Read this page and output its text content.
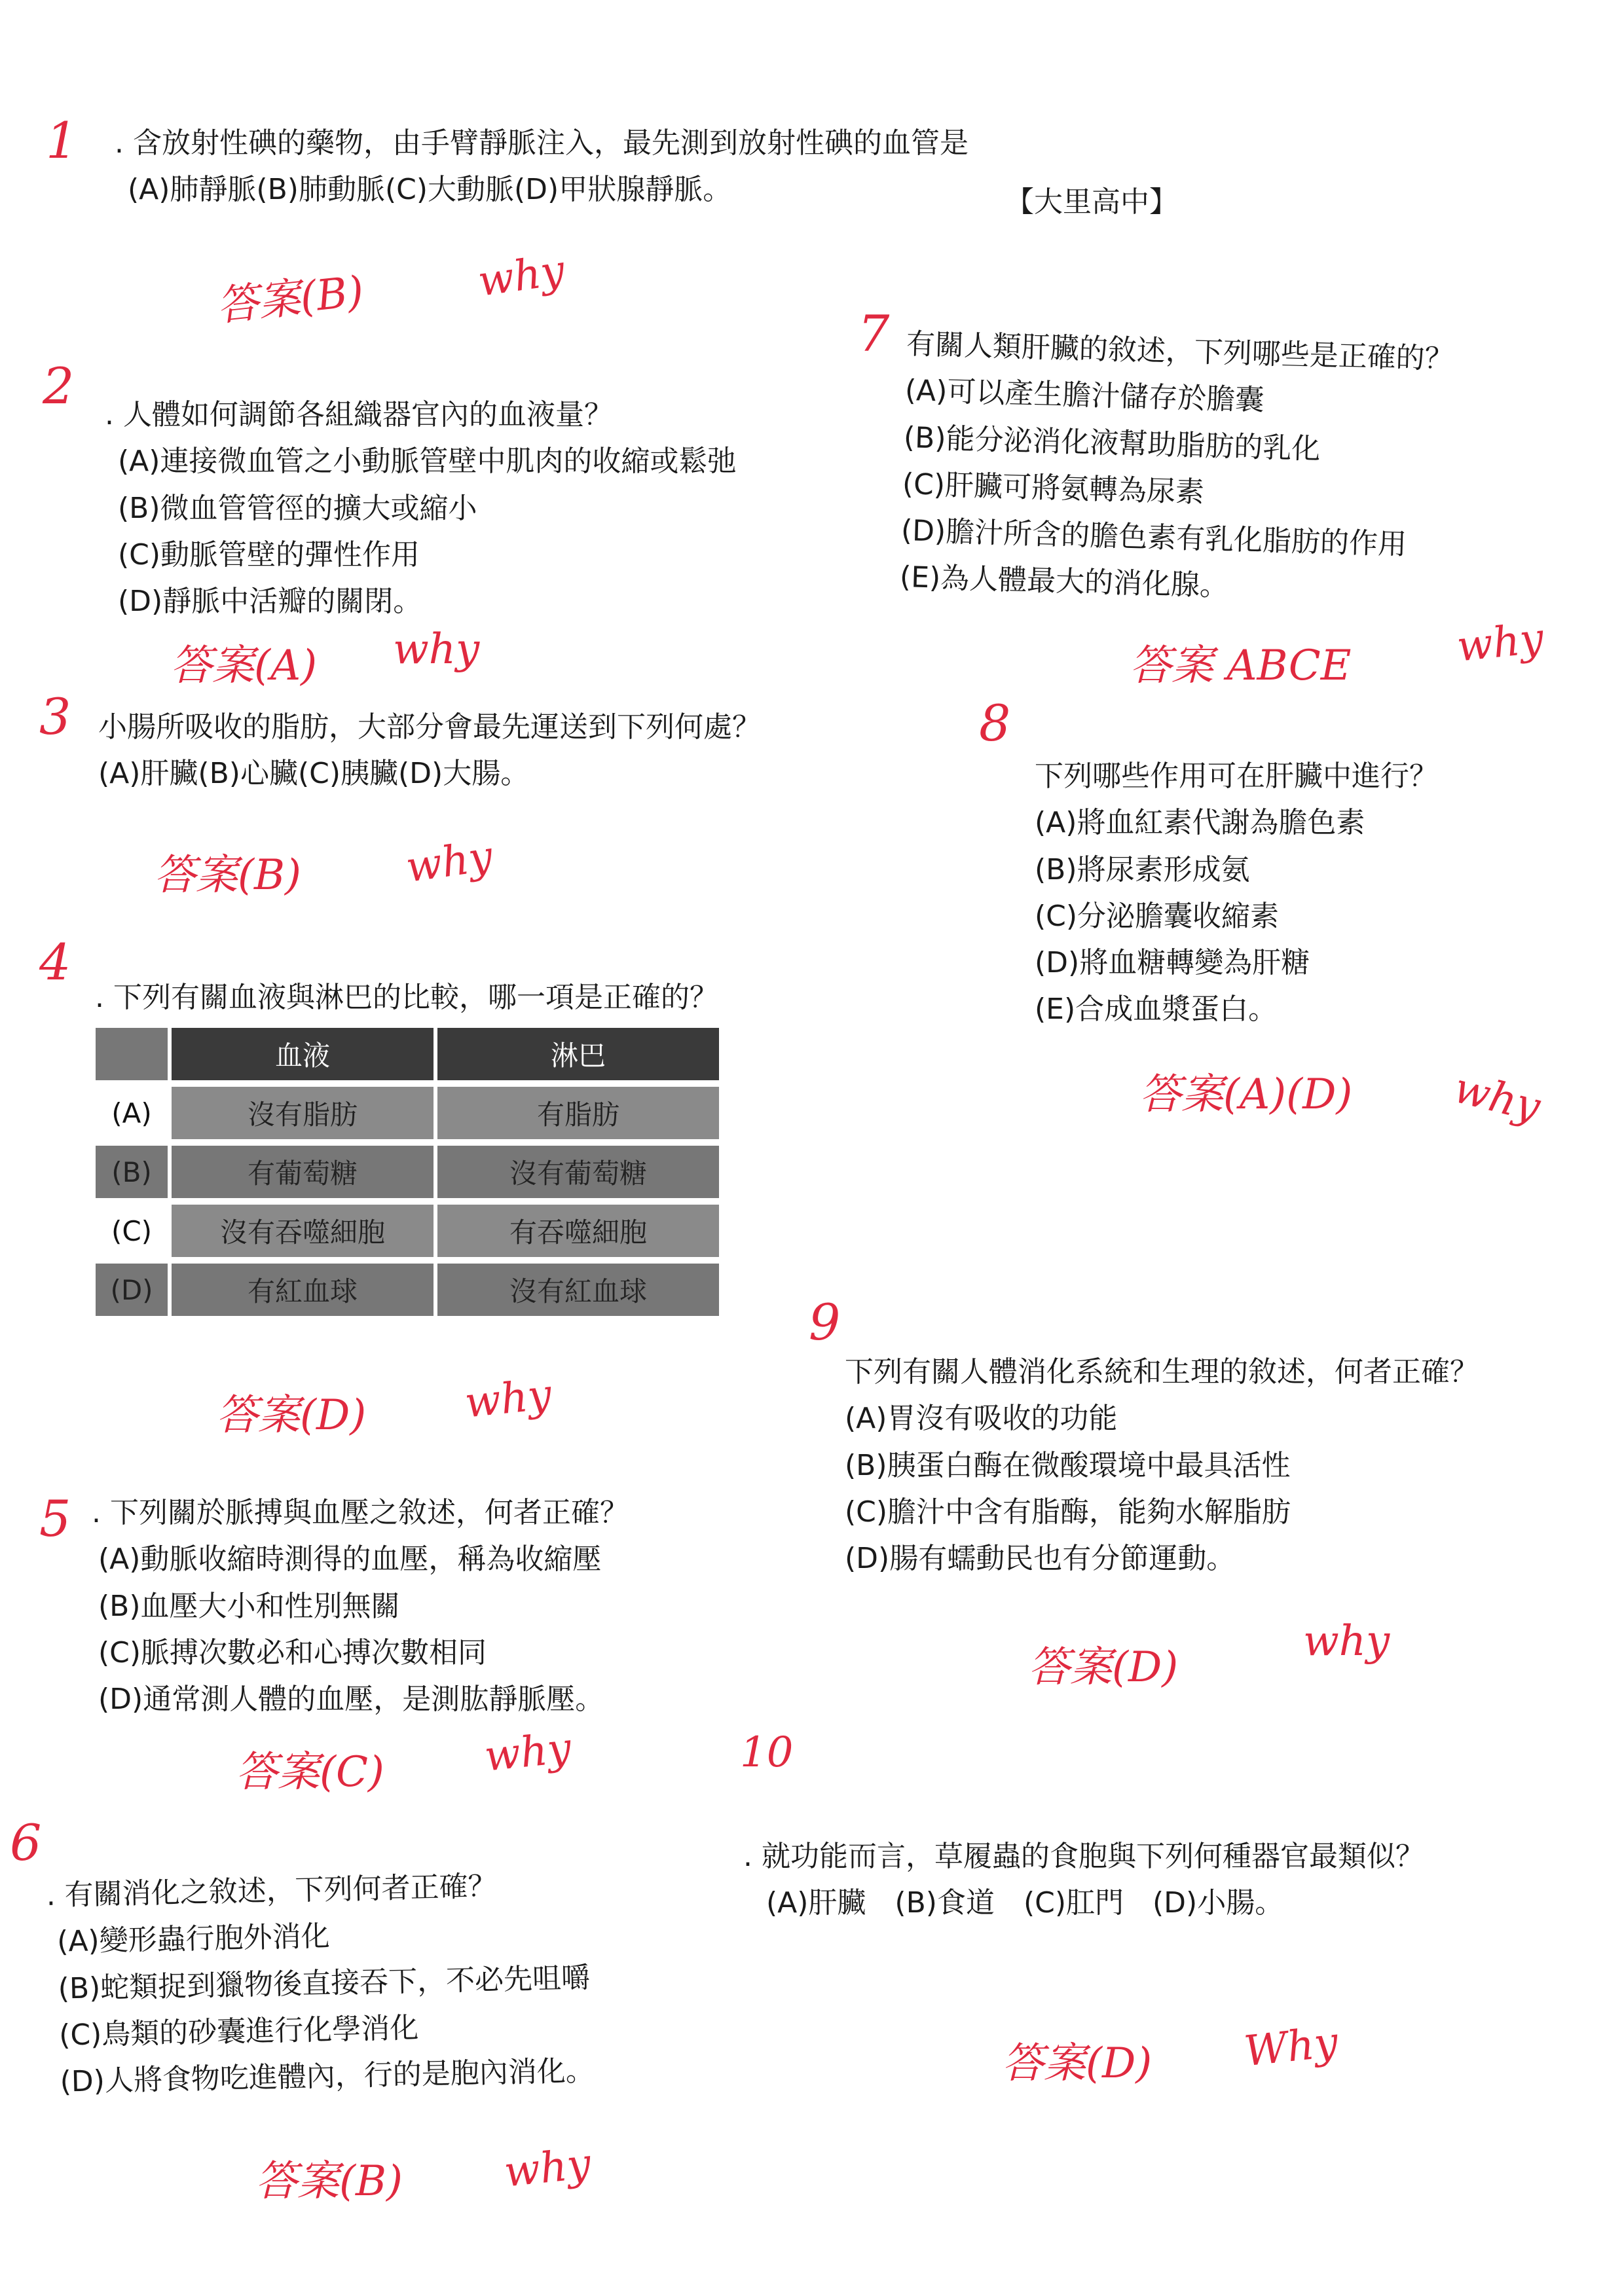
【大里高中】
1 . 含放射性碘的藥物，由手臂靜脈注入，最先測到放射性碘的血管是
(A)肺靜脈(B)肺動脈(C)大動脈(D)甲狀腺靜脈。
答案(B)	why
2 . 人體如何調節各組織器官內的血液量？
(A)連接微血管之小動脈管壁中肌肉的收縮或鬆弛
(B)微血管管徑的擴大或縮小
(C)動脈管壁的彈性作用
(D)靜脈中活瓣的關閉。
答案(A) why
3 小腸所吸收的脂肪，大部分會最先運送到下列何處？
(A)肝臟(B)心臟(C)胰臟(D)大腸。
答案(B) why
4
. 下列有關血液與淋巴的比較，哪一項是正確的？
	血液	淋巴
(A)	沒有脂肪	有脂肪
(B)	有葡萄糖	沒有葡萄糖
(C)	沒有吞噬細胞	有吞噬細胞
(D)	有紅血球	沒有紅血球
答案(D) why
5 . 下列關於脈搏與血壓之敘述，何者正確？
(A)動脈收縮時測得的血壓，稱為收縮壓
(B)血壓大小和性別無關
(C)脈搏次數必和心搏次數相同
(D)通常測人體的血壓，是測肱靜脈壓。
答案(C) why
6
. 有關消化之敘述，下列何者正確？
(A)變形蟲行胞外消化
(B)蛇類捉到獵物後直接吞下，不必先咀嚼
(C)鳥類的砂囊進行化學消化
(D)人將食物吃進體內，行的是胞內消化。
答案(B) why
7 有關人類肝臟的敘述，下列哪些是正確的？
(A)可以產生膽汁儲存於膽囊
(B)能分泌消化液幫助脂肪的乳化
(C)肝臟可將氨轉為尿素
(D)膽汁所含的膽色素有乳化脂肪的作用
(E)為人體最大的消化腺。
答案 ABCE why
8
下列哪些作用可在肝臟中進行？
(A)將血紅素代謝為膽色素
(B)將尿素形成氨
(C)分泌膽囊收縮素
(D)將血糖轉變為肝糖
(E)合成血漿蛋白。
答案(A)(D) why
9
下列有關人體消化系統和生理的敘述，何者正確？
(A)胃沒有吸收的功能
(B)胰蛋白酶在微酸環境中最具活性
(C)膽汁中含有脂酶，能夠水解脂肪
(D)腸有蠕動民也有分節運動。
答案(D)
why
10
. 就功能而言，草履蟲的食胞與下列何種器官最類似？
(A)肝臟　(B)食道　(C)肛門　(D)小腸。
答案(D) Why
